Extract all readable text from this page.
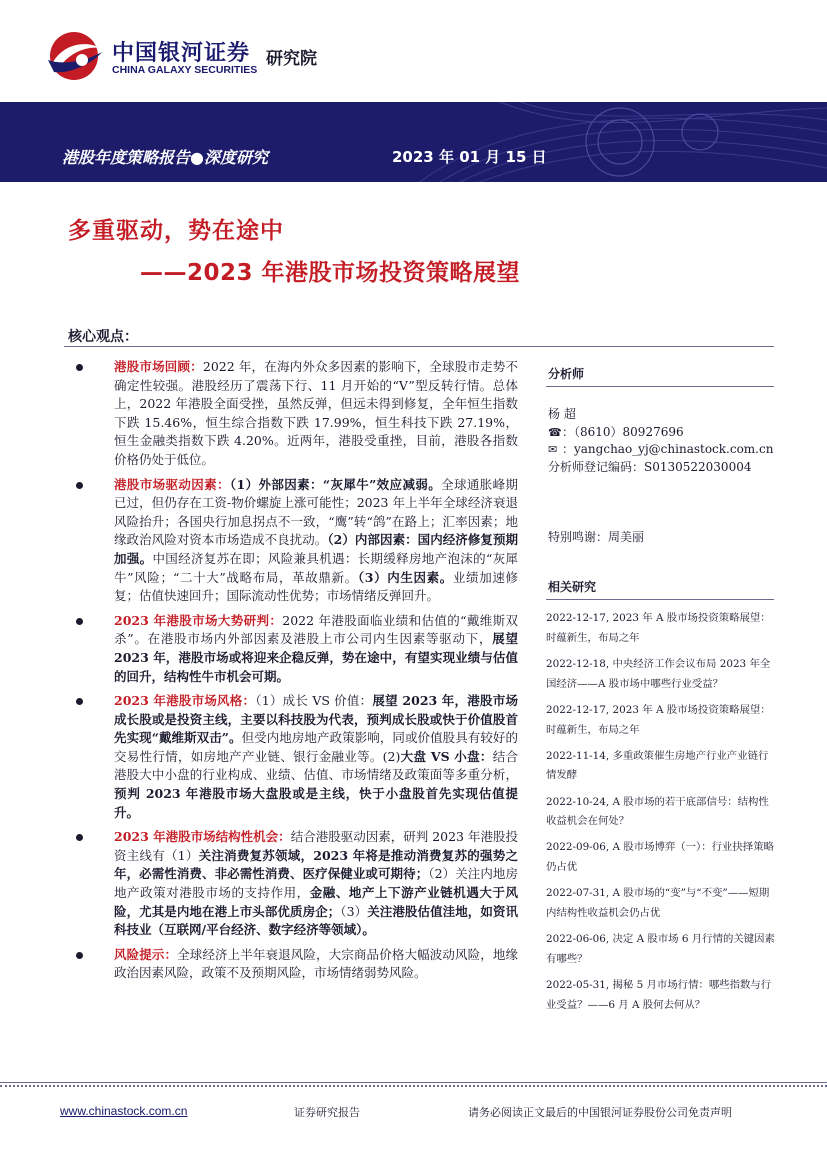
中国银河证券
CHINA GALAXY SECURITIES
研究院
港股年度策略报告●深度研究	2023 年 01 月 15 日
多重驱动，势在途中
——2023 年港股市场投资策略展望
核心观点：
港股市场回顾：2022 年，在海内外众多因素的影响下，全球股市走势不确定性较强。港股经历了震荡下行、11 月开始的“V”型反转行情。总体上，2022 年港股全面受挫，虽然反弹，但远未得到修复，全年恒生指数下跌 15.46%，恒生综合指数下跌 17.99%，恒生科技下跌 27.19%，恒生金融类指数下跌 4.20%。近两年，港股受重挫，目前，港股各指数价格仍处于低位。
港股市场驱动因素：（1）外部因素：“灰犀牛”效应减弱。全球通胀峰期已过，但仍存在工资-物价螺旋上涨可能性；2023 年上半年全球经济衰退风险抬升；各国央行加息拐点不一致，“鹰”转“鸽”在路上；汇率因素；地缘政治风险对资本市场造成不良扰动。（2）内部因素：国内经济修复预期加强。中国经济复苏在即；风险兼具机遇：长期缓释房地产泡沫的“灰犀牛”风险；“二十大”战略布局，革故鼎新。（3）内生因素。业绩加速修复；估值快速回升；国际流动性优势；市场情绪反弹回升。
2023 年港股市场大势研判：2022 年港股面临业绩和估值的“戴维斯双杀”。在港股市场内外部因素及港股上市公司内生因素等驱动下，展望 2023 年，港股市场或将迎来企稳反弹，势在途中，有望实现业绩与估值的回升，结构性牛市机会可期。
2023 年港股市场风格：（1）成长 VS 价值：展望 2023 年，港股市场成长股或是投资主线，主要以科技股为代表，预判成长股或快于价值股首先实现“戴维斯双击”。但受内地房地产政策影响，同或价值股具有较好的交易性行情，如房地产产业链、银行金融业等。(2)大盘 VS 小盘：结合港股大中小盘的行业构成、业绩、估值、市场情绪及政策面等多重分析，预判 2023 年港股市场大盘股或是主线，快于小盘股首先实现估值提升。
2023 年港股市场结构性机会：结合港股驱动因素，研判 2023 年港股投资主线有（1）关注消费复苏领域，2023 年将是推动消费复苏的强势之年，必需性消费、非必需性消费、医疗保健业或可期待；（2）关注内地房地产政策对港股市场的支持作用，金融、地产上下游产业链机遇大于风险，尤其是内地在港上市头部优质房企；（3）关注港股估值洼地，如资讯科技业（互联网/平台经济、数字经济等领域）。
风险提示：全球经济上半年衰退风险，大宗商品价格大幅波动风险，地缘政治因素风险，政策不及预期风险，市场情绪弱势风险。
分析师
杨 超
☎ ：（8610）80927696
✉ ：yangchao_yj@chinastock.com.cn
分析师登记编码：S0130522030004
特别鸣谢：周美丽
相关研究
2022-12-17, 2023 年 A 股市场投资策略展望：时蕴新生，布局之年
2022-12-18, 中央经济工作会议布局 2023 年全国经济——A 股市场中哪些行业受益？
2022-12-17, 2023 年 A 股市场投资策略展望：时蕴新生，布局之年
2022-11-14, 多重政策催生房地产行业产业链行情发酵
2022-10-24, A 股市场的若干底部信号：结构性收益机会在何处？
2022-09-06, A 股市场博弈（一）：行业抉择策略仍占优
2022-07-31, A 股市场的“变”与“不变”——短期内结构性收益机会仍占优
2022-06-06, 决定 A 股市场 6 月行情的关键因素有哪些？
2022-05-31, 揭秘 5 月市场行情：哪些指数与行业受益？——6 月 A 股何去何从？
www.chinastock.com.cn	证券研究报告	请务必阅读正文最后的中国银河证券股份公司免责声明
